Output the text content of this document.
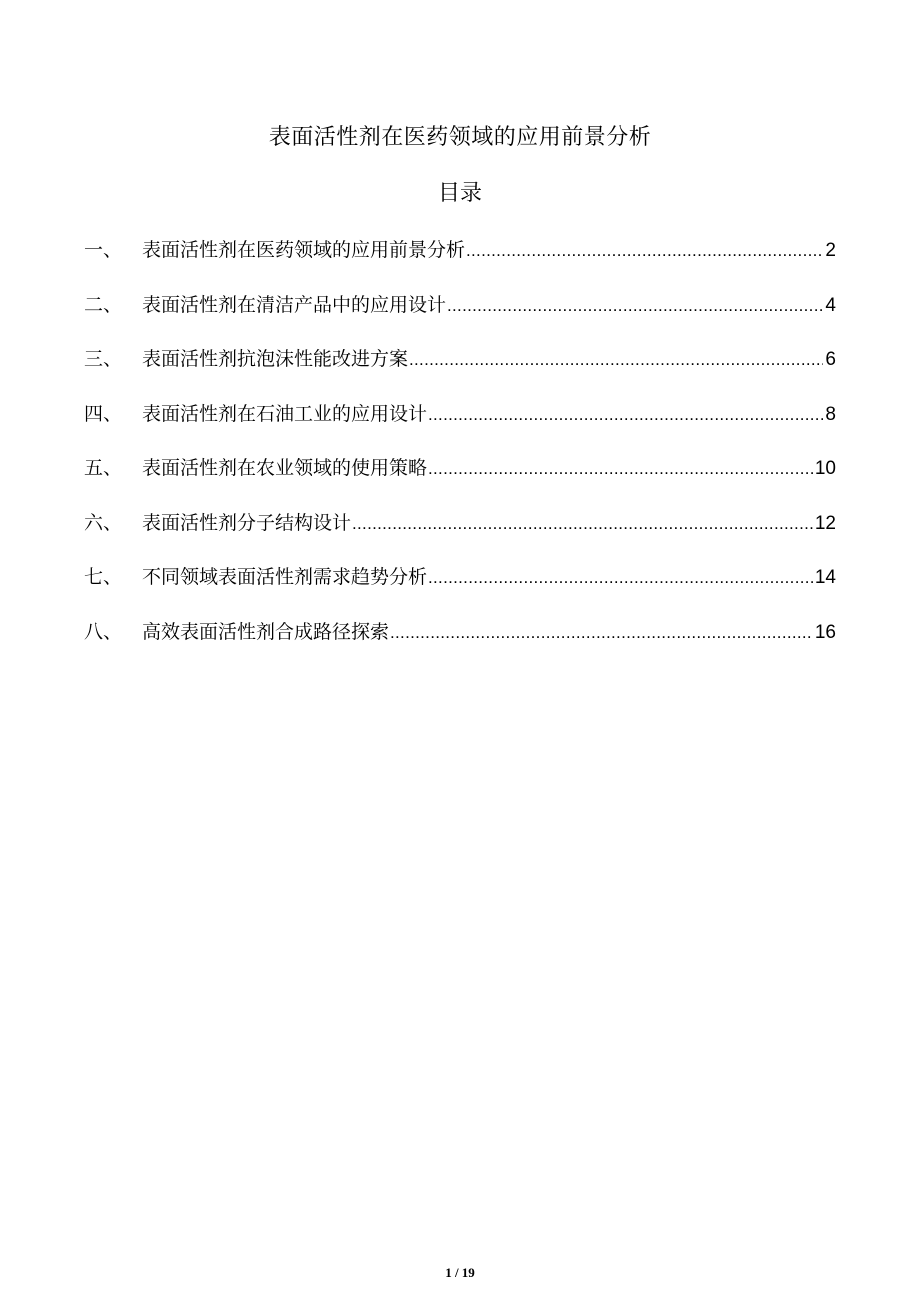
表面活性剂在医药领域的应用前景分析
目录
一、	表面活性剂在医药领域的应用前景分析 .....	2
二、	表面活性剂在清洁产品中的应用设计 .....	4
三、	表面活性剂抗泡沫性能改进方案 .....	6
四、	表面活性剂在石油工业的应用设计 .....	8
五、	表面活性剂在农业领域的使用策略 .....	10
六、	表面活性剂分子结构设计 .....	12
七、	不同领域表面活性剂需求趋势分析 .....	14
八、	高效表面活性剂合成路径探索 .....	16
1 / 19
